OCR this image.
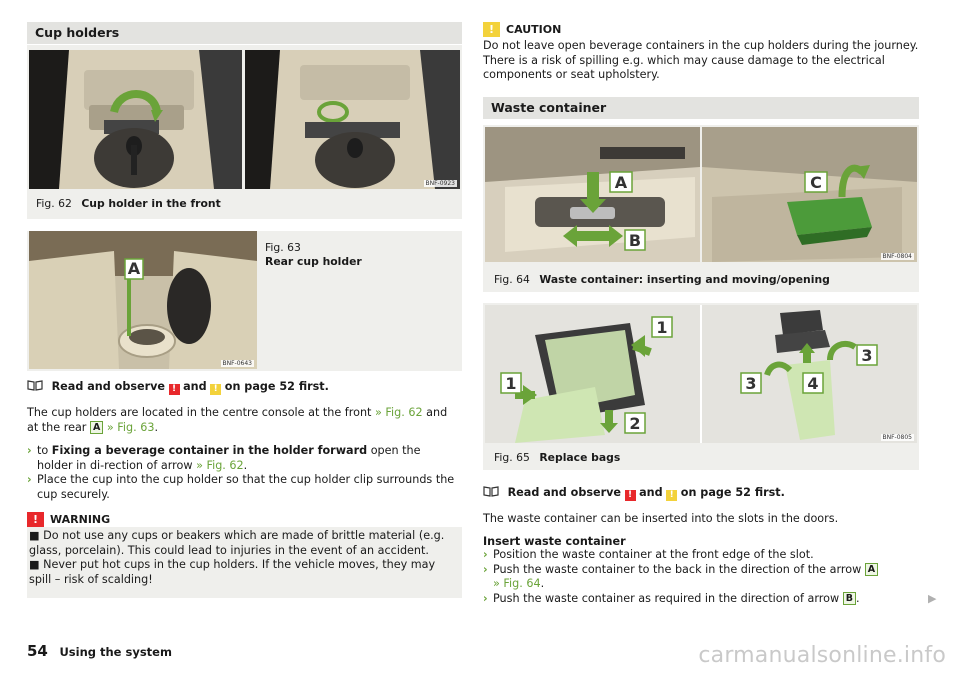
Cup holders
BNF-0923
Fig. 62 Cup holder in the front
A
BNF-0643
Fig. 63
Rear cup holder

Read and observe ! and ! on page 52 first.

The cup holders are located in the centre console at the front » Fig. 62 and at the rear A » Fig. 63.

› to Fixing a beverage container in the holder forward open the holder in di-rection of arrow » Fig. 62.
› Place the cup into the cup holder so that the cup holder clip surrounds the cup securely.
! WARNING
■ Do not use any cups or beakers which are made of brittle material (e.g. glass, porcelain). This could lead to injuries in the event of an accident.
■ Never put hot cups in the cup holders. If the vehicle moves, they may spill – risk of scalding!
! CAUTION

Do not leave open beverage containers in the cup holders during the journey. There is a risk of spilling e.g. which may cause damage to the electrical components or seat upholstery.

Waste container
A
B
C
BNF-0804
Fig. 64 Waste container: inserting and moving/opening
1
1
2
3
3	4
BNF-0805
Fig. 65 Replace bags

Read and observe ! and ! on page 52 first.

The waste container can be inserted into the slots in the doors.

Insert waste container

› Position the waste container at the front edge of the slot.
› Push the waste container to the back in the direction of the arrow A
» Fig. 64.
› Push the waste container as required in the direction of arrow B .	▶
54 Using the system	carmanualsonline.info
